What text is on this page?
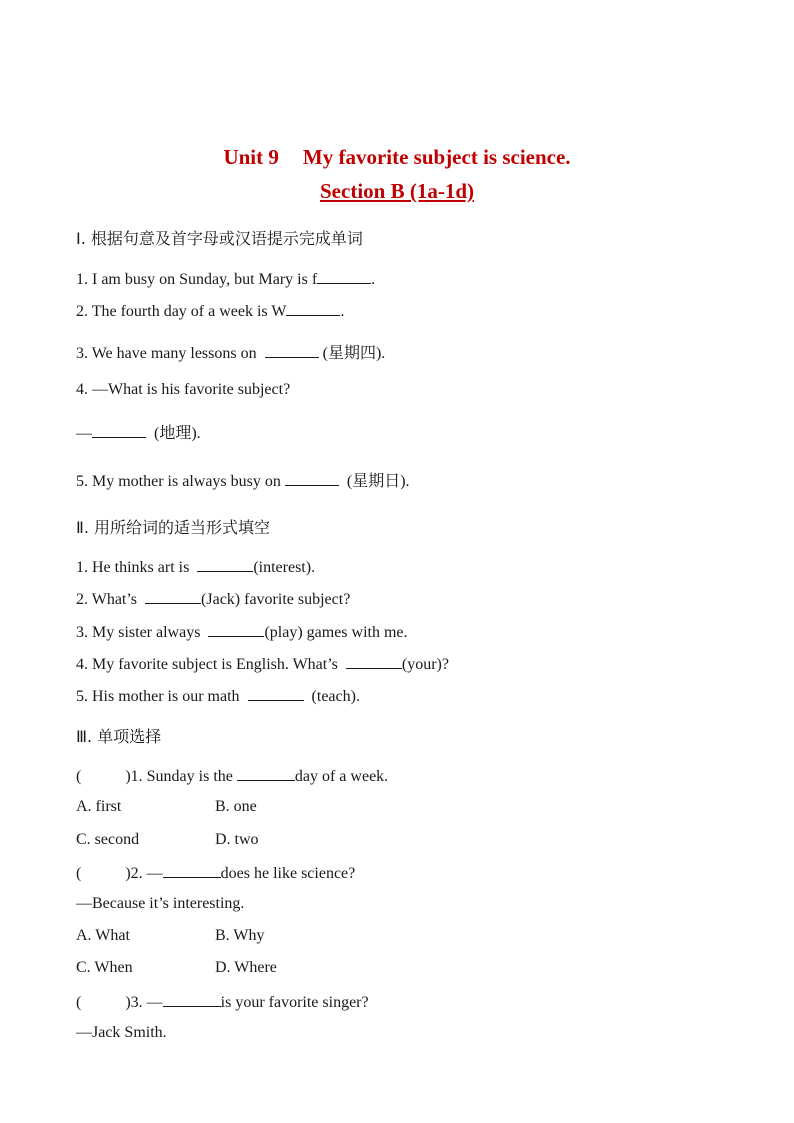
Unit 9 My favorite subject is science.
Section B (1a-1d)
Ⅰ. 根据句意及首字母或汉语提示完成单词
1. I am busy on Sunday, but Mary is f	.
2. The fourth day of a week is W	.
3. We have many lessons on	(星期四).
4. —What is his favorite subject?
—	(地理).
5. My mother is always busy on	(星期日).
Ⅱ. 用所给词的适当形式填空
1. He thinks art is	(interest).
2. What’s	(Jack) favorite subject?
3. My sister always	(play) games with me.
4. My favorite subject is English. What’s	(your)?
5. His mother is our math	(teach).
Ⅲ. 单项选择
(	)1. Sunday is the	day of a week.
A. first	B. one
C. second	D. two
(	)2. —	does he like science?
—Because it’s interesting.
A. What	B. Why
C. When	D. Where
(	)3. —	is your favorite singer?
—Jack Smith.
